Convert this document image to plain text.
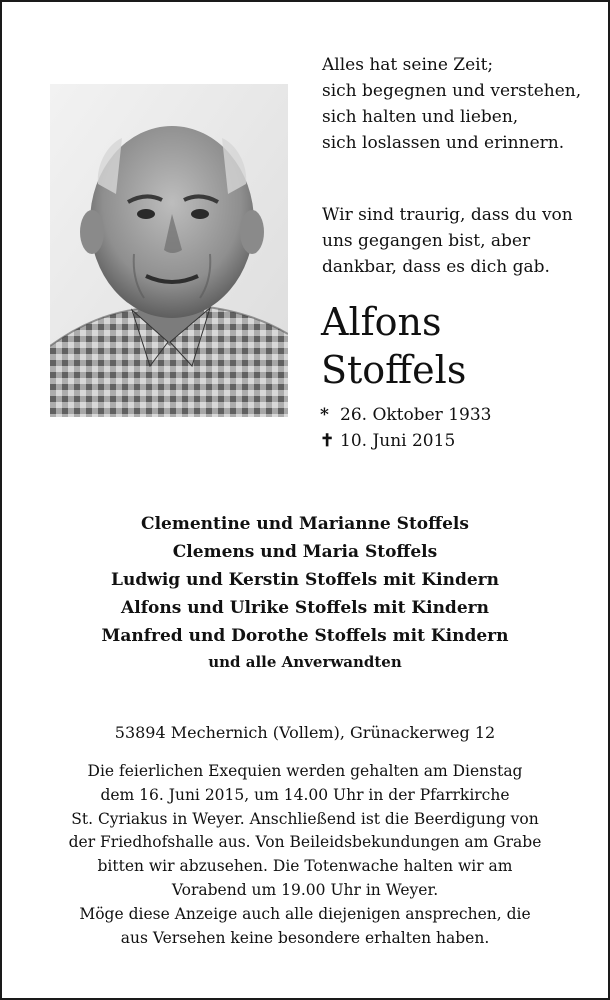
Alles hat seine Zeit;

sich begegnen und verstehen,

sich halten und lieben,

sich loslassen und erinnern.

Wir sind traurig, dass du von

uns gegangen bist, aber

dankbar, dass es dich gab.

Alfons
Stoffels
* 26. Oktober 1933
✝ 10. Juni 2015
Clementine und Marianne Stoffels
Clemens und Maria Stoffels
Ludwig und Kerstin Stoffels mit Kindern
Alfons und Ulrike Stoffels mit Kindern
Manfred und Dorothe Stoffels mit Kindern
und alle Anverwandten
53894 Mechernich (Vollem), Grünackerweg 12
Die feierlichen Exequien werden gehalten am Dienstag
dem 16. Juni 2015, um 14.00 Uhr in der Pfarrkirche
St. Cyriakus in Weyer. Anschließend ist die Beerdigung von
der Friedhofshalle aus. Von Beileidsbekundungen am Grabe
bitten wir abzusehen. Die Totenwache halten wir am
Vorabend um 19.00 Uhr in Weyer.
Möge diese Anzeige auch alle diejenigen ansprechen, die
aus Versehen keine besondere erhalten haben.
